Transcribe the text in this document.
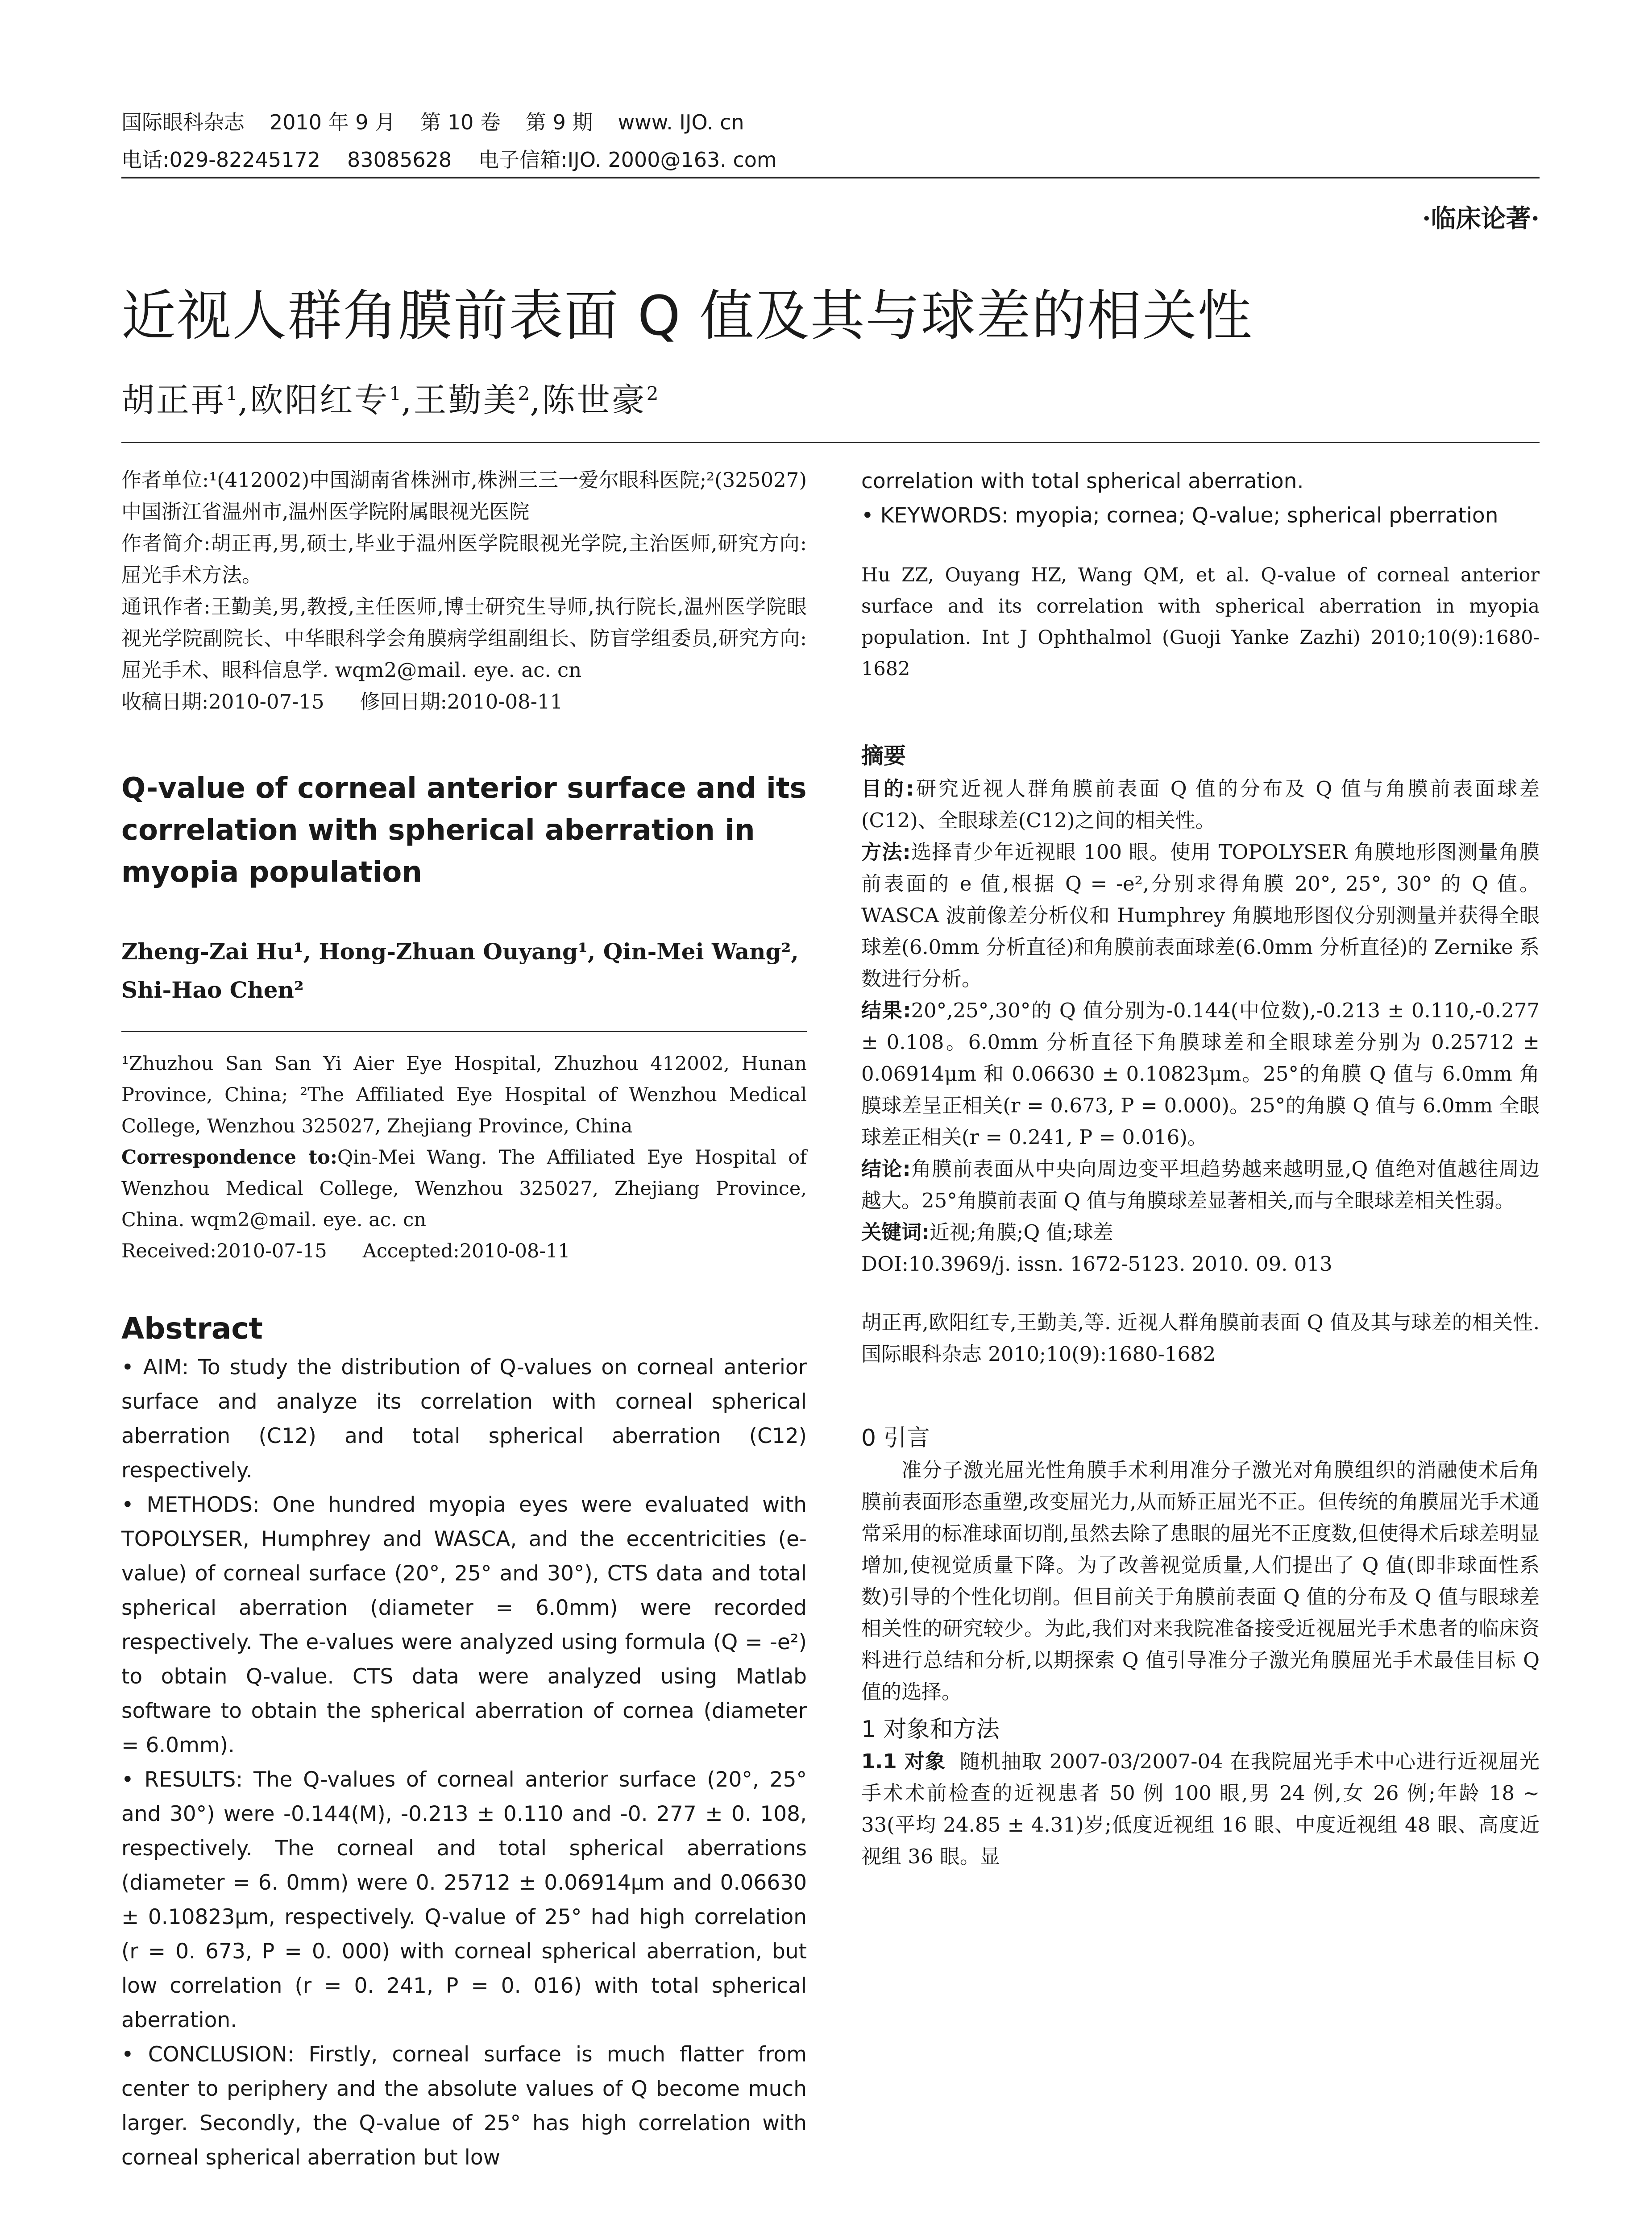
国际眼科杂志 2010 年 9 月 第 10 卷 第 9 期 www. IJO. cn
电话:029-82245172 83085628 电子信箱:IJO. 2000@163. com
·临床论著·
近视人群角膜前表面 Q 值及其与球差的相关性
胡正再$^1$,欧阳红专$^1$,王勤美$^2$,陈世豪$^2$

作者单位:¹(412002)中国湖南省株洲市,株洲三三一爱尔眼科医院;²(325027)中国浙江省温州市,温州医学院附属眼视光医院

作者简介:胡正再,男,硕士,毕业于温州医学院眼视光学院,主治医师,研究方向:屈光手术方法。

通讯作者:王勤美,男,教授,主任医师,博士研究生导师,执行院长,温州医学院眼视光学院副院长、中华眼科学会角膜病学组副组长、防盲学组委员,研究方向:屈光手术、眼科信息学. wqm2@mail. eye. ac. cn

收稿日期:2010-07-15 修回日期:2010-08-11

Q-value of corneal anterior surface and its correlation with spherical aberration in myopia population

Zheng-Zai Hu¹, Hong-Zhuan Ouyang¹, Qin-Mei Wang², Shi-Hao Chen²

¹Zhuzhou San San Yi Aier Eye Hospital, Zhuzhou 412002, Hunan Province, China; ²The Affiliated Eye Hospital of Wenzhou Medical College, Wenzhou 325027, Zhejiang Province, China

Correspondence to:Qin-Mei Wang. The Affiliated Eye Hospital of Wenzhou Medical College, Wenzhou 325027, Zhejiang Province, China. wqm2@mail. eye. ac. cn

Received:2010-07-15 Accepted:2010-08-11

Abstract

• AIM: To study the distribution of Q-values on corneal anterior surface and analyze its correlation with corneal spherical aberration (C12) and total spherical aberration (C12) respectively.

• METHODS: One hundred myopia eyes were evaluated with TOPOLYSER, Humphrey and WASCA, and the eccentricities (e-value) of corneal surface (20°, 25° and 30°), CTS data and total spherical aberration (diameter = 6.0mm) were recorded respectively. The e-values were analyzed using formula (Q = -e²) to obtain Q-value. CTS data were analyzed using Matlab software to obtain the spherical aberration of cornea (diameter = 6.0mm).

• RESULTS: The Q-values of corneal anterior surface (20°, 25° and 30°) were -0.144(M), -0.213 ± 0.110 and -0. 277 ± 0. 108, respectively. The corneal and total spherical aberrations (diameter = 6. 0mm) were 0. 25712 ± 0.06914μm and 0.06630 ± 0.10823μm, respectively. Q-value of 25° had high correlation (r = 0. 673, P = 0. 000) with corneal spherical aberration, but low correlation (r = 0. 241, P = 0. 016) with total spherical aberration.

• CONCLUSION: Firstly, corneal surface is much flatter from center to periphery and the absolute values of Q become much larger. Secondly, the Q-value of 25° has high correlation with corneal spherical aberration but low

correlation with total spherical aberration.

• KEYWORDS: myopia; cornea; Q-value; spherical pberration

Hu ZZ, Ouyang HZ, Wang QM, et al. Q-value of corneal anterior surface and its correlation with spherical aberration in myopia population. Int J Ophthalmol (Guoji Yanke Zazhi) 2010;10(9):1680-1682

摘要

目的:研究近视人群角膜前表面 Q 值的分布及 Q 值与角膜前表面球差(C12)、全眼球差(C12)之间的相关性。

方法:选择青少年近视眼 100 眼。使用 TOPOLYSER 角膜地形图测量角膜前表面的 e 值,根据 Q = -e²,分别求得角膜 20°, 25°, 30° 的 Q 值。WASCA 波前像差分析仪和 Humphrey 角膜地形图仪分别测量并获得全眼球差(6.0mm 分析直径)和角膜前表面球差(6.0mm 分析直径)的 Zernike 系数进行分析。

结果:20°,25°,30°的 Q 值分别为-0.144(中位数),-0.213 ± 0.110,-0.277 ± 0.108。6.0mm 分析直径下角膜球差和全眼球差分别为 0.25712 ± 0.06914μm 和 0.06630 ± 0.10823μm。25°的角膜 Q 值与 6.0mm 角膜球差呈正相关(r = 0.673, P = 0.000)。25°的角膜 Q 值与 6.0mm 全眼球差正相关(r = 0.241, P = 0.016)。

结论:角膜前表面从中央向周边变平坦趋势越来越明显,Q 值绝对值越往周边越大。25°角膜前表面 Q 值与角膜球差显著相关,而与全眼球差相关性弱。

关键词:近视;角膜;Q 值;球差

DOI:10.3969/j. issn. 1672-5123. 2010. 09. 013

胡正再,欧阳红专,王勤美,等. 近视人群角膜前表面 Q 值及其与球差的相关性. 国际眼科杂志 2010;10(9):1680-1682

0 引言

准分子激光屈光性角膜手术利用准分子激光对角膜组织的消融使术后角膜前表面形态重塑,改变屈光力,从而矫正屈光不正。但传统的角膜屈光手术通常采用的标准球面切削,虽然去除了患眼的屈光不正度数,但使得术后球差明显增加,使视觉质量下降。为了改善视觉质量,人们提出了 Q 值(即非球面性系数)引导的个性化切削。但目前关于角膜前表面 Q 值的分布及 Q 值与眼球差相关性的研究较少。为此,我们对来我院准备接受近视屈光手术患者的临床资料进行总结和分析,以期探索 Q 值引导准分子激光角膜屈光手术最佳目标 Q 值的选择。

1 对象和方法

1.1 对象 随机抽取 2007-03/2007-04 在我院屈光手术中心进行近视屈光手术术前检查的近视患者 50 例 100 眼,男 24 例,女 26 例;年龄 18 ~ 33(平均 24.85 ± 4.31)岁;低度近视组 16 眼、中度近视组 48 眼、高度近视组 36 眼。显
